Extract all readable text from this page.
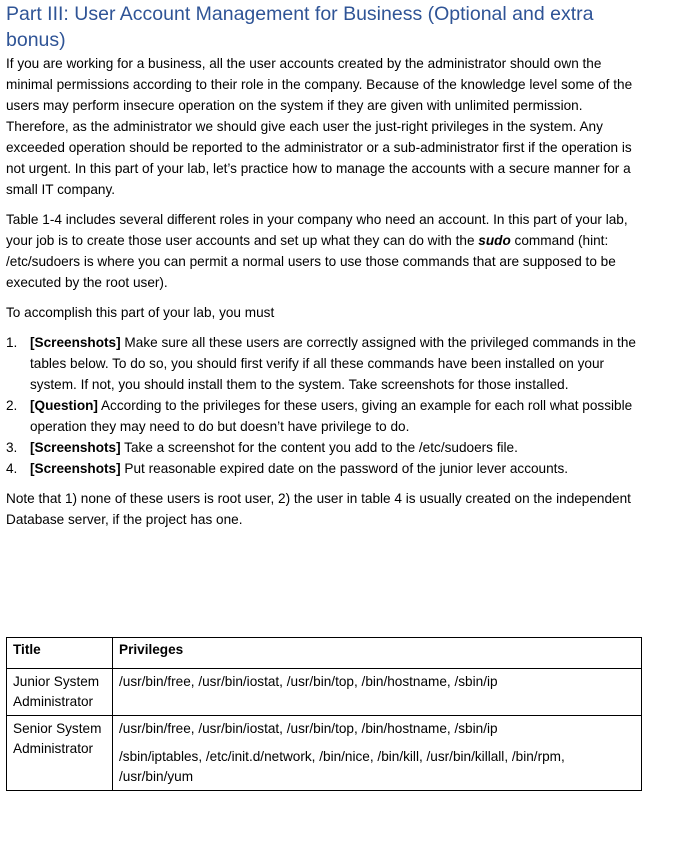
Part III: User Account Management for Business (Optional and extra bonus)

If you are working for a business, all the user accounts created by the administrator should own the minimal permissions according to their role in the company. Because of the knowledge level some of the users may perform insecure operation on the system if they are given with unlimited permission. Therefore, as the administrator we should give each user the just-right privileges in the system. Any exceeded operation should be reported to the administrator or a sub-administrator first if the operation is not urgent. In this part of your lab, let’s practice how to manage the accounts with a secure manner for a small IT company.

Table 1-4 includes several different roles in your company who need an account. In this part of your lab, your job is to create those user accounts and set up what they can do with the sudo command (hint: /etc/sudoers is where you can permit a normal users to use those commands that are supposed to be executed by the root user).

To accomplish this part of your lab, you must

1. [Screenshots] Make sure all these users are correctly assigned with the privileged commands in the tables below. To do so, you should first verify if all these commands have been installed on your system. If not, you should install them to the system. Take screenshots for those installed.
2. [Question] According to the privileges for these users, giving an example for each roll what possible operation they may need to do but doesn’t have privilege to do.
3. [Screenshots] Take a screenshot for the content you add to the /etc/sudoers file.
4. [Screenshots] Put reasonable expired date on the password of the junior lever accounts.

Note that 1) none of these users is root user, 2) the user in table 4 is usually created on the independent Database server, if the project has one.

Title	Privileges
Junior System Administrator	/usr/bin/free, /usr/bin/iostat, /usr/bin/top, /bin/hostname, /sbin/ip

Senior System Administrator	/usr/bin/free, /usr/bin/iostat, /usr/bin/top, /bin/hostname, /sbin/ip
/sbin/iptables, /etc/init.d/network, /bin/nice, /bin/kill, /usr/bin/killall, /bin/rpm, /usr/bin/yum
